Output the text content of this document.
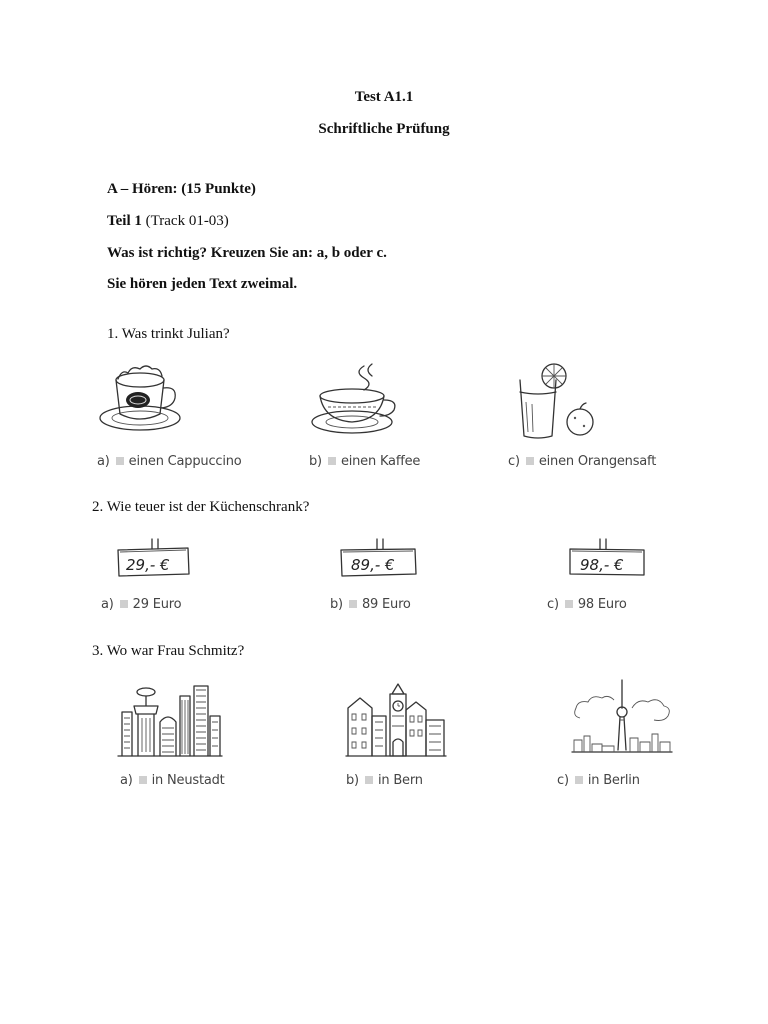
Test A1.1
Schriftliche Prüfung
A – Hören: (15 Punkte)
Teil 1 (Track 01-03)
Was ist richtig? Kreuzen Sie an: a, b oder c.
Sie hören jeden Text zweimal.
1. Was trinkt Julian?
a) einen Cappuccino	b) einen Kaffee	c) einen Orangensaft
2. Wie teuer ist der Küchenschrank?
29,- €
a) 29 Euro
89,- €
b) 89 Euro
98,- €
c) 98 Euro
3. Wo war Frau Schmitz?
a) in Neustadt	b) in Bern	c) in Berlin
